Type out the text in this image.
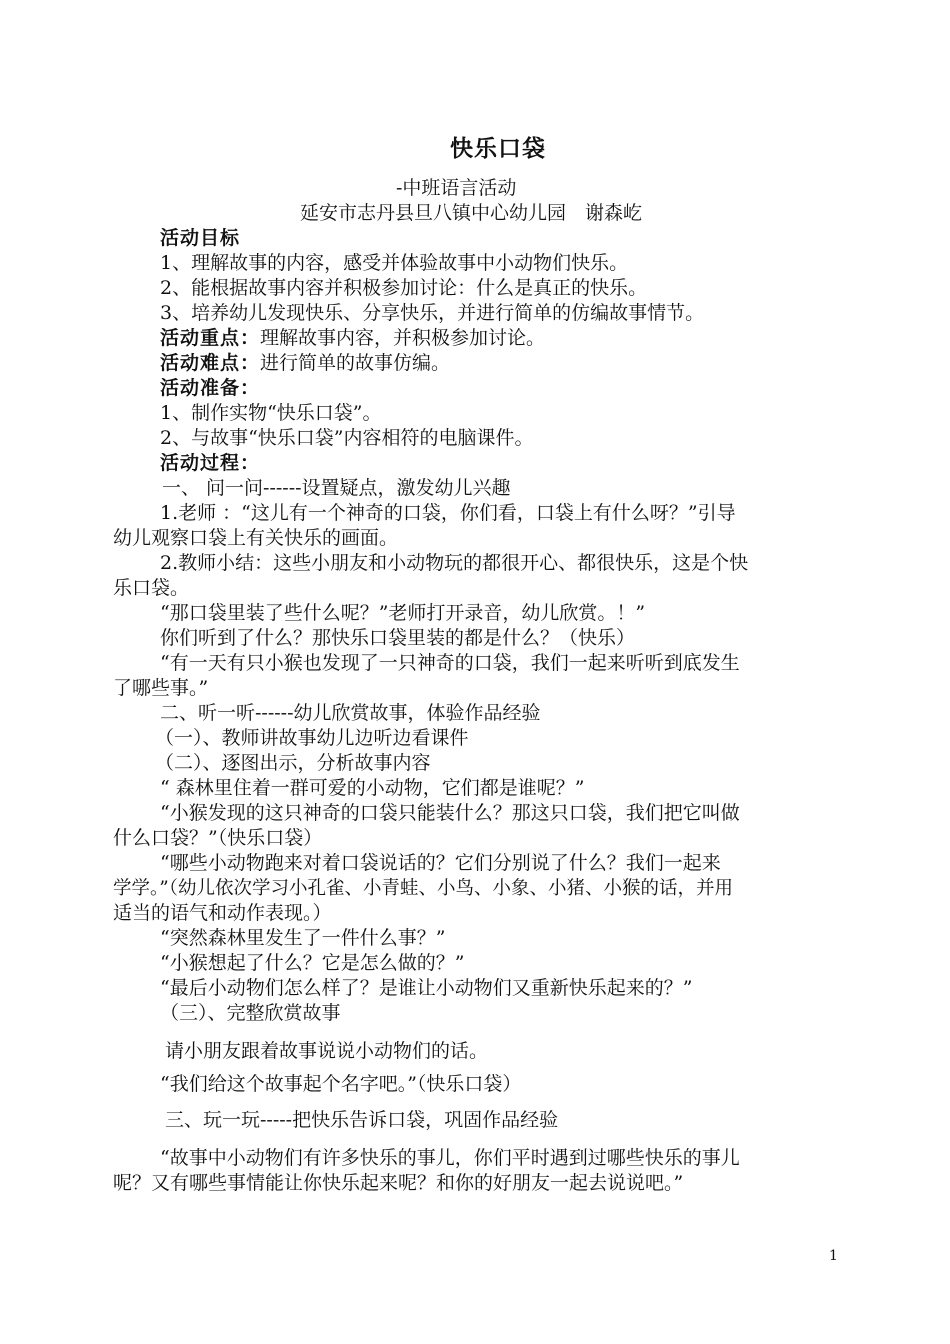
快乐口袋
-中班语言活动
延安市志丹县旦八镇中心幼儿园　谢森屹
活动目标
1、理解故事的内容，感受并体验故事中小动物们快乐。
2、能根据故事内容并积极参加讨论：什么是真正的快乐。
3、培养幼儿发现快乐、分享快乐，并进行简单的仿编故事情节。
活动重点：理解故事内容，并积极参加讨论。
活动难点：进行简单的故事仿编。
活动准备：
1、制作实物“快乐口袋”。
2、与故事“快乐口袋”内容相符的电脑课件。
活动过程：
一、 问一问------设置疑点，激发幼儿兴趣
1.老师 ：“这儿有一个神奇的口袋，你们看，口袋上有什么呀？”引导
幼儿观察口袋上有关快乐的画面。
2.教师小结：这些小朋友和小动物玩的都很开心、都很快乐，这是个快
乐口袋。
“那口袋里装了些什么呢？”老师打开录音，幼儿欣赏。！”
你们听到了什么？那快乐口袋里装的都是什么？（快乐）
“有一天有只小猴也发现了一只神奇的口袋，我们一起来听听到底发生
了哪些事。”
二、听一听------幼儿欣赏故事，体验作品经验
（一）、教师讲故事幼儿边听边看课件
（二）、逐图出示，分析故事内容
“ 森林里住着一群可爱的小动物，它们都是谁呢？”
“小猴发现的这只神奇的口袋只能装什么？那这只口袋，我们把它叫做
什么口袋？”（快乐口袋）
“哪些小动物跑来对着口袋说话的？它们分别说了什么？我们一起来
学学。”（幼儿依次学习小孔雀、小青蛙、小鸟、小象、小猪、小猴的话，并用
适当的语气和动作表现。）
“突然森林里发生了一件什么事？”
“小猴想起了什么？它是怎么做的？”
“最后小动物们怎么样了？是谁让小动物们又重新快乐起来的？”
（三）、完整欣赏故事
请小朋友跟着故事说说小动物们的话。
“我们给这个故事起个名字吧。”（快乐口袋）
三、玩一玩-----把快乐告诉口袋，巩固作品经验
“故事中小动物们有许多快乐的事儿，你们平时遇到过哪些快乐的事儿
呢？又有哪些事情能让你快乐起来呢？和你的好朋友一起去说说吧。”
1
